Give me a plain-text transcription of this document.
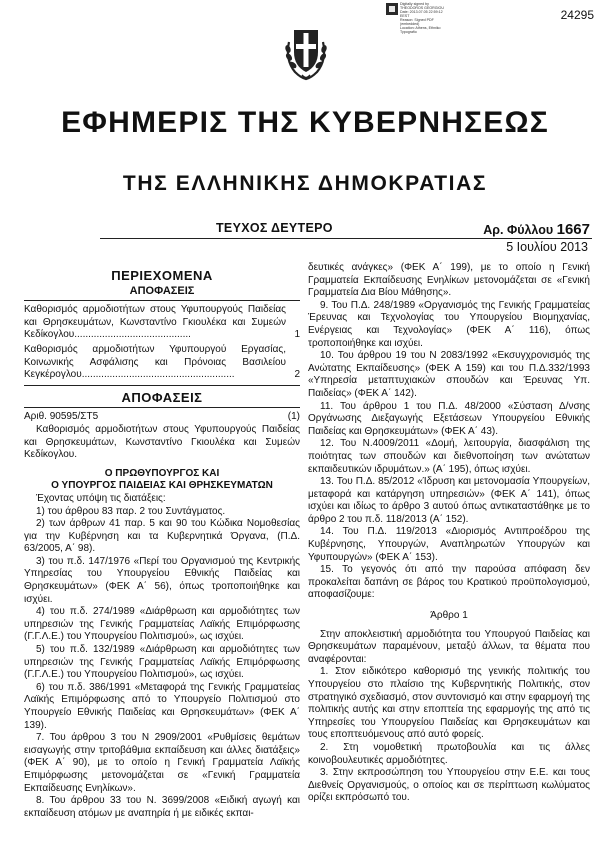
24295
Digitally signed by
THEODOROS GEORGIOU
Date: 2013.07.05 22:59:12
EEST
Reason: Signed PDF
(embedded)
Location: Athens, Ethniko
Typografio
ΕΦΗΜΕΡΙΣ ΤΗΣ ΚΥΒΕΡΝΗΣΕΩΣ
ΤΗΣ ΕΛΛΗΝΙΚΗΣ ΔΗΜΟΚΡΑΤΙΑΣ
ΤΕΥΧΟΣ ΔΕΥΤΕΡΟ	Αρ. Φύλλου 1667
5 Ιουλίου 2013

ΠΕΡΙΕΧΟΜΕΝΑ

ΑΠΟΦΑΣΕΙΣ

Καθορισμός αρμοδιοτήτων στους Υφυπουργούς Παιδείας και Θρησκευμάτων, Κωνσταντίνο Γκιουλέκα και Συμεών Κεδίκογλου..........................................	1
Καθορισμός αρμοδιοτήτων Υφυπουργού Εργασίας, Κοινωνικής Ασφάλισης και Πρόνοιας Βασιλείου Κεγκέρογλου.......................................................	2

ΑΠΟΦΑΣΕΙΣ

Αριθ. 90595/ΣΤ5	(1)

Καθορισμός αρμοδιοτήτων στους Υφυπουργούς Παιδείας και Θρησκευμάτων, Κωνσταντίνο Γκιουλέκα και Συμεών Κεδίκογλου.

Ο ΠΡΩΘΥΠΟΥΡΓΟΣ ΚΑΙ

Ο ΥΠΟΥΡΓΟΣ ΠΑΙΔΕΙΑΣ ΚΑΙ ΘΡΗΣΚΕΥΜΑΤΩΝ

Έχοντας υπόψη τις διατάξεις:

1) του άρθρου 83 παρ. 2 του Συντάγματος.

2) των άρθρων 41 παρ. 5 και 90 του Κώδικα Νομοθεσίας για την Κυβέρνηση και τα Κυβερνητικά Όργανα, (Π.Δ. 63/2005, Α΄ 98).

3) του π.δ. 147/1976 «Περί του Οργανισμού της Κεντρικής Υπηρεσίας του Υπουργείου Εθνικής Παιδείας και Θρησκευμάτων» (ΦΕΚ Α΄ 56), όπως τροποποιήθηκε και ισχύει.

4) του π.δ. 274/1989 «Διάρθρωση και αρμοδιότητες των υπηρεσιών της Γενικής Γραμματείας Λαϊκής Επιμόρφωσης (Γ.Γ.Λ.Ε.) του Υπουργείου Πολιτισμού», ως ισχύει.

5) του π.δ. 132/1989 «Διάρθρωση και αρμοδιότητες των υπηρεσιών της Γενικής Γραμματείας Λαϊκής Επιμόρφωσης (Γ.Γ.Λ.Ε.) του Υπουργείου Πολιτισμού», ως ισχύει.

6) του π.δ. 386/1991 «Μεταφορά της Γενικής Γραμματείας Λαϊκής Επιμόρφωσης από το Υπουργείο Πολιτισμού στο Υπουργείο Εθνικής Παιδείας και Θρησκευμάτων» (ΦΕΚ Α΄ 139).

7. Του άρθρου 3 του Ν 2909/2001 «Ρυθμίσεις θεμάτων εισαγωγής στην τριτοβάθμια εκπαίδευση και άλλες διατάξεις» (ΦΕΚ Α΄ 90), με το οποίο η Γενική Γραμματεία Λαϊκής Επιμόρφωσης μετονομάζεται σε «Γενική Γραμματεία Εκπαίδευσης Ενηλίκων».

8. Του άρθρου 33 του Ν. 3699/2008 «Ειδική αγωγή και εκπαίδευση ατόμων με αναπηρία ή με ειδικές εκπαι-

δευτικές ανάγκες» (ΦΕΚ Α΄ 199), με το οποίο η Γενική Γραμματεία Εκπαίδευσης Ενηλίκων μετονομάζεται σε «Γενική Γραμματεία Δια Βίου Μάθησης».

9. Του Π.Δ. 248/1989 «Οργανισμός της Γενικής Γραμματείας Έρευνας και Τεχνολογίας του Υπουργείου Βιομηχανίας, Ενέργειας και Τεχνολογίας» (ΦΕΚ Α΄ 116), όπως τροποποιήθηκε και ισχύει.

10. Του άρθρου 19 του Ν 2083/1992 «Εκσυγχρονισμός της Ανώτατης Εκπαίδευσης» (ΦΕΚ Α 159) και του Π.Δ.332/1993 «Υπηρεσία μεταπτυχιακών σπουδών και Έρευνας Υπ. Παιδείας» (ΦΕΚ Α΄ 142).

11. Του άρθρου 1 του Π.Δ. 48/2000 «Σύσταση Δ/νσης Οργάνωσης Διεξαγωγής Εξετάσεων Υπουργείου Εθνικής Παιδείας και Θρησκευμάτων» (ΦΕΚ Α΄ 43).

12. Του Ν.4009/2011 «Δομή, λειτουργία, διασφάλιση της ποιότητας των σπουδών και διεθνοποίηση των ανώτατων εκπαιδευτικών ιδρυμάτων.» (Α΄ 195), όπως ισχύει.

13. Του Π.Δ. 85/2012 «Ίδρυση και μετονομασία Υπουργείων, μεταφορά και κατάργηση υπηρεσιών» (ΦΕΚ Α΄ 141), όπως ισχύει και ιδίως το άρθρο 3 αυτού όπως αντικαταστάθηκε με το άρθρο 2 του π.δ. 118/2013 (Α΄ 152).

14. Του Π.Δ. 119/2013 «Διορισμός Αντιπροέδρου της Κυβέρνησης, Υπουργών, Αναπληρωτών Υπουργών και Υφυπουργών» (ΦΕΚ Α΄ 153).

15. Το γεγονός ότι από την παρούσα απόφαση δεν προκαλείται δαπάνη σε βάρος του Κρατικού προϋπολογισμού, αποφασίζουμε:

Άρθρο 1

Στην αποκλειστική αρμοδιότητα του Υπουργού Παιδείας και Θρησκευμάτων παραμένουν, μεταξύ άλλων, τα θέματα που αναφέρονται:

1. Στον ειδικότερο καθορισμό της γενικής πολιτικής του Υπουργείου στο πλαίσιο της Κυβερνητικής Πολιτικής, στον στρατηγικό σχεδιασμό, στον συντονισμό και στην εφαρμογή της πολιτικής αυτής και στην εποπτεία της εφαρμογής της από τις Υπηρεσίες του Υπουργείου Παιδείας και Θρησκευμάτων και τους εποπτευόμενους από αυτό φορείς.

2. Στη νομοθετική πρωτοβουλία και τις άλλες κοινοβουλευτικές αρμοδιότητες.

3. Στην εκπροσώπηση του Υπουργείου στην Ε.Ε. και τους Διεθνείς Οργανισμούς, ο οποίος και σε περίπτωση κωλύματος ορίζει εκπρόσωπό του.
